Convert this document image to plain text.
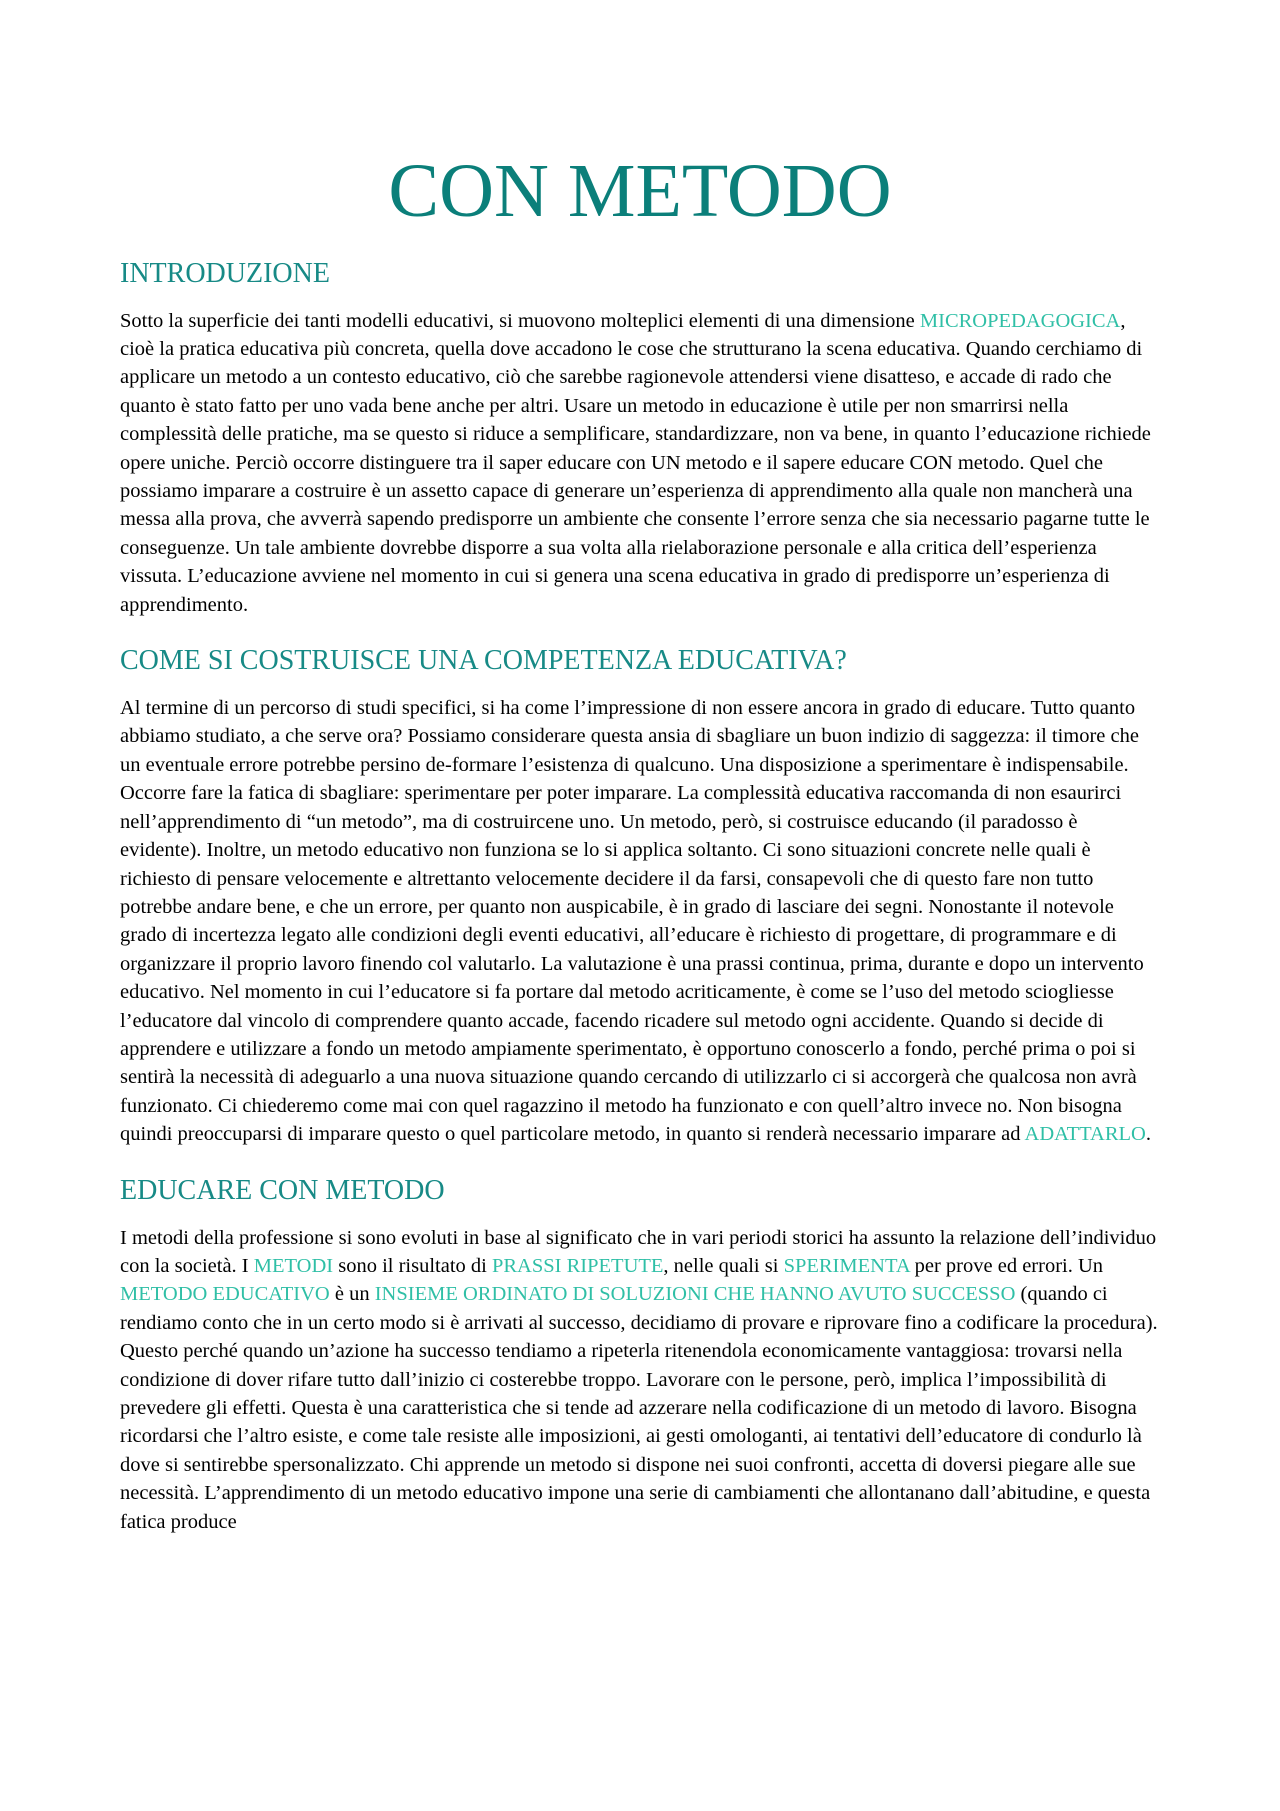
CON METODO
INTRODUZIONE

Sotto la superficie dei tanti modelli educativi, si muovono molteplici elementi di una dimensione MICROPEDAGOGICA, cioè la pratica educativa più concreta, quella dove accadono le cose che strutturano la scena educativa. Quando cerchiamo di applicare un metodo a un contesto educativo, ciò che sarebbe ragionevole attendersi viene disatteso, e accade di rado che quanto è stato fatto per uno vada bene anche per altri. Usare un metodo in educazione è utile per non smarrirsi nella complessità delle pratiche, ma se questo si riduce a semplificare, standardizzare, non va bene, in quanto l’educazione richiede opere uniche. Perciò occorre distinguere tra il saper educare con UN metodo e il sapere educare CON metodo. Quel che possiamo imparare a costruire è un assetto capace di generare un’esperienza di apprendimento alla quale non mancherà una messa alla prova, che avverrà sapendo predisporre un ambiente che consente l’errore senza che sia necessario pagarne tutte le conseguenze. Un tale ambiente dovrebbe disporre a sua volta alla rielaborazione personale e alla critica dell’esperienza vissuta. L’educazione avviene nel momento in cui si genera una scena educativa in grado di predisporre un’esperienza di apprendimento.

COME SI COSTRUISCE UNA COMPETENZA EDUCATIVA?

Al termine di un percorso di studi specifici, si ha come l’impressione di non essere ancora in grado di educare. Tutto quanto abbiamo studiato, a che serve ora? Possiamo considerare questa ansia di sbagliare un buon indizio di saggezza: il timore che un eventuale errore potrebbe persino de-formare l’esistenza di qualcuno. Una disposizione a sperimentare è indispensabile. Occorre fare la fatica di sbagliare: sperimentare per poter imparare. La complessità educativa raccomanda di non esaurirci nell’apprendimento di “un metodo”, ma di costruircene uno. Un metodo, però, si costruisce educando (il paradosso è evidente). Inoltre, un metodo educativo non funziona se lo si applica soltanto. Ci sono situazioni concrete nelle quali è richiesto di pensare velocemente e altrettanto velocemente decidere il da farsi, consapevoli che di questo fare non tutto potrebbe andare bene, e che un errore, per quanto non auspicabile, è in grado di lasciare dei segni. Nonostante il notevole grado di incertezza legato alle condizioni degli eventi educativi, all’educare è richiesto di progettare, di programmare e di organizzare il proprio lavoro finendo col valutarlo. La valutazione è una prassi continua, prima, durante e dopo un intervento educativo. Nel momento in cui l’educatore si fa portare dal metodo acriticamente, è come se l’uso del metodo sciogliesse l’educatore dal vincolo di comprendere quanto accade, facendo ricadere sul metodo ogni accidente. Quando si decide di apprendere e utilizzare a fondo un metodo ampiamente sperimentato, è opportuno conoscerlo a fondo, perché prima o poi si sentirà la necessità di adeguarlo a una nuova situazione quando cercando di utilizzarlo ci si accorgerà che qualcosa non avrà funzionato. Ci chiederemo come mai con quel ragazzino il metodo ha funzionato e con quell’altro invece no. Non bisogna quindi preoccuparsi di imparare questo o quel particolare metodo, in quanto si renderà necessario imparare ad ADATTARLO.

EDUCARE CON METODO

I metodi della professione si sono evoluti in base al significato che in vari periodi storici ha assunto la relazione dell’individuo con la società. I METODI sono il risultato di PRASSI RIPETUTE, nelle quali si SPERIMENTA per prove ed errori. Un METODO EDUCATIVO è un INSIEME ORDINATO DI SOLUZIONI CHE HANNO AVUTO SUCCESSO (quando ci rendiamo conto che in un certo modo si è arrivati al successo, decidiamo di provare e riprovare fino a codificare la procedura). Questo perché quando un’azione ha successo tendiamo a ripeterla ritenendola economicamente vantaggiosa: trovarsi nella condizione di dover rifare tutto dall’inizio ci costerebbe troppo. Lavorare con le persone, però, implica l’impossibilità di prevedere gli effetti. Questa è una caratteristica che si tende ad azzerare nella codificazione di un metodo di lavoro. Bisogna ricordarsi che l’altro esiste, e come tale resiste alle imposizioni, ai gesti omologanti, ai tentativi dell’educatore di condurlo là dove si sentirebbe spersonalizzato. Chi apprende un metodo si dispone nei suoi confronti, accetta di doversi piegare alle sue necessità. L’apprendimento di un metodo educativo impone una serie di cambiamenti che allontanano dall’abitudine, e questa fatica produce
